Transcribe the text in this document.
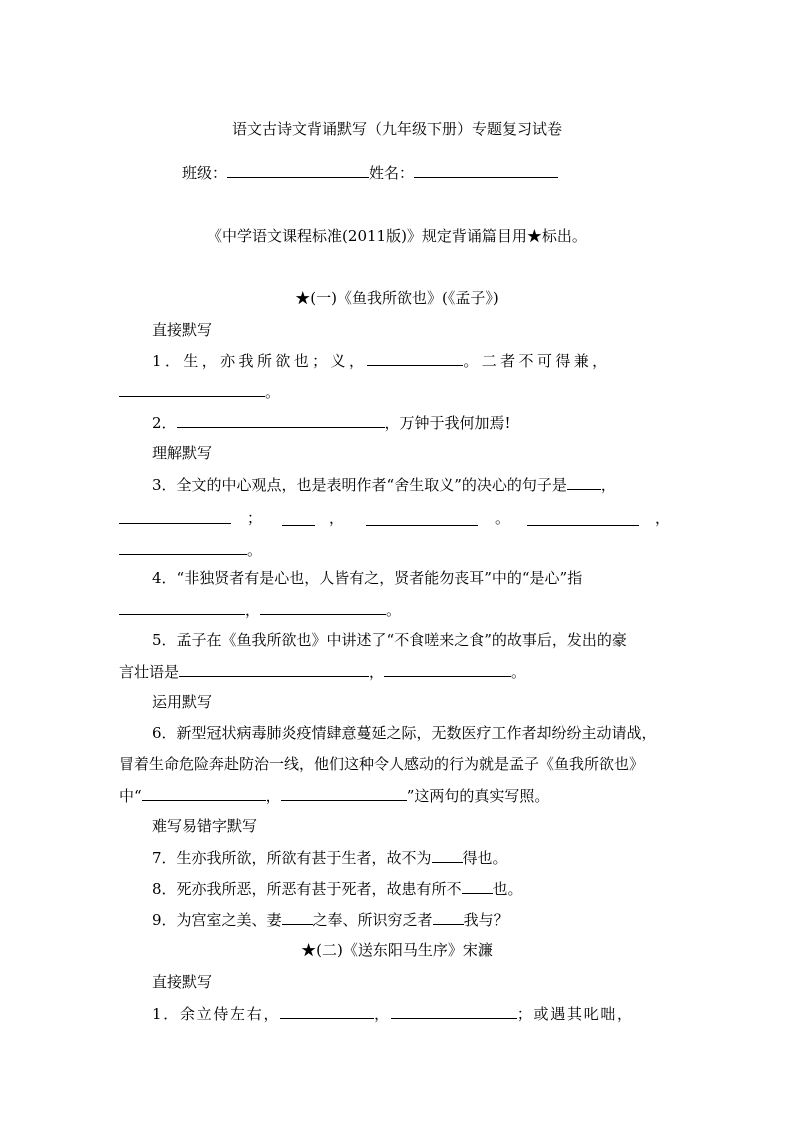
语文古诗文背诵默写（九年级下册）专题复习试卷
班级：	姓名：
《中学语文课程标准(2011版)》规定背诵篇目用★标出。
★(一)《鱼我所欲也》(《孟子》)
直接默写
1．生，亦我所欲也；义，	。二者不可得兼，
。
2．	，万钟于我何加焉!
理解默写
3．全文的中心观点，也是表明作者“舍生取义”的决心的句子是 ，
；	，	。	，
。
4．“非独贤者有是心也，人皆有之，贤者能勿丧耳”中的“是心”指
，	。
5．孟子在《鱼我所欲也》中讲述了“不食嗟来之食”的故事后，发出的豪
言壮语是	，	。
运用默写
6．新型冠状病毒肺炎疫情肆意蔓延之际，无数医疗工作者却纷纷主动请战，
冒着生命危险奔赴防治一线，他们这种令人感动的行为就是孟子《鱼我所欲也》
中“	，	”这两句的真实写照。
难写易错字默写
7．生亦我所欲，所欲有甚于生者，故不为 得也。
8．死亦我所恶，所恶有甚于死者，故患有所不 也。
9．为宫室之美、妻 之奉、所识穷乏者 我与？
★(二)《送东阳马生序》宋濂
直接默写
1．余立侍左右，	，	；或遇其叱咄，
